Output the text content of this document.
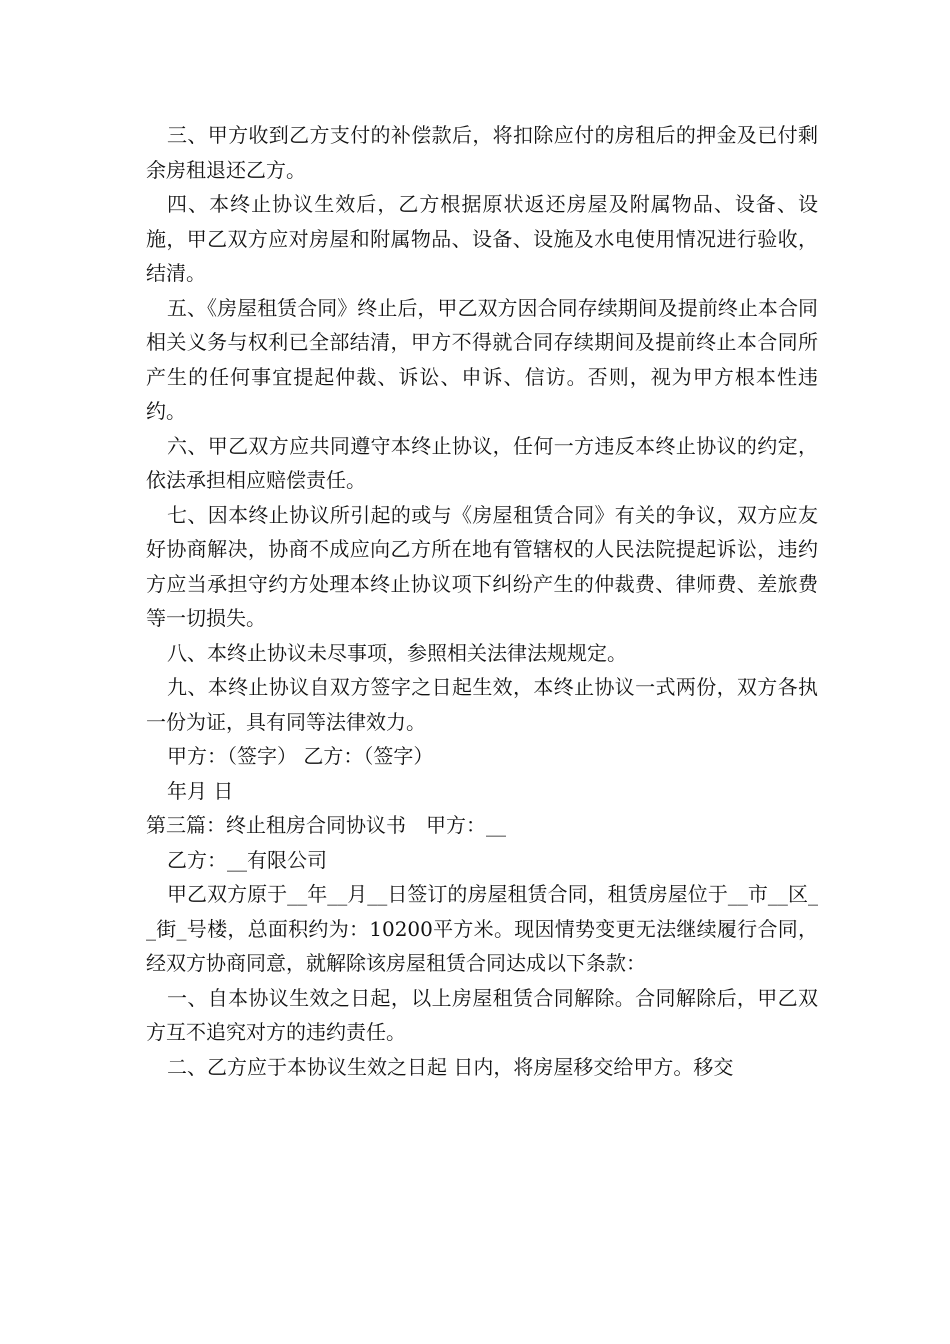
三、甲方收到乙方支付的补偿款后，将扣除应付的房租后的押金及已付剩余房租退还乙方。

四、本终止协议生效后，乙方根据原状返还房屋及附属物品、设备、设施，甲乙双方应对房屋和附属物品、设备、设施及水电使用情况进行验收，结清。

五、《房屋租赁合同》终止后，甲乙双方因合同存续期间及提前终止本合同相关义务与权利已全部结清，甲方不得就合同存续期间及提前终止本合同所产生的任何事宜提起仲裁、诉讼、申诉、信访。否则，视为甲方根本性违约。

六、甲乙双方应共同遵守本终止协议，任何一方违反本终止协议的约定，依法承担相应赔偿责任。

七、因本终止协议所引起的或与《房屋租赁合同》有关的争议，双方应友好协商解决，协商不成应向乙方所在地有管辖权的人民法院提起诉讼，违约方应当承担守约方处理本终止协议项下纠纷产生的仲裁费、律师费、差旅费等一切损失。

八、本终止协议未尽事项，参照相关法律法规规定。

九、本终止协议自双方签字之日起生效，本终止协议一式两份，双方各执一份为证，具有同等法律效力。

甲方：（签字） 乙方：（签字）

年月 日

第三篇：终止租房合同协议书　甲方：__

乙方：__有限公司

甲乙双方原于__年__月__日签订的房屋租赁合同，租赁房屋位于__市__区__街_号楼，总面积约为：10200平方米。现因情势变更无法继续履行合同，经双方协商同意，就解除该房屋租赁合同达成以下条款：

一、自本协议生效之日起，以上房屋租赁合同解除。合同解除后，甲乙双方互不追究对方的违约责任。

二、乙方应于本协议生效之日起 日内，将房屋移交给甲方。移交
